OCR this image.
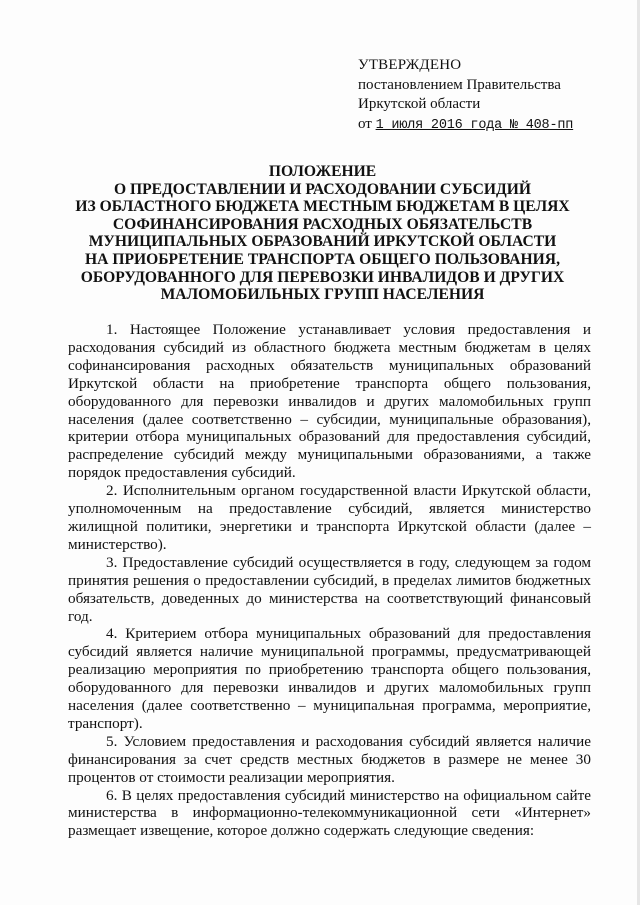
УТВЕРЖДЕНО
постановлением Правительства
Иркутской области
от 1 июля 2016 года № 408-пп
ПОЛОЖЕНИЕ
О ПРЕДОСТАВЛЕНИИ И РАСХОДОВАНИИ СУБСИДИЙ
ИЗ ОБЛАСТНОГО БЮДЖЕТА МЕСТНЫМ БЮДЖЕТАМ В ЦЕЛЯХ
СОФИНАНСИРОВАНИЯ РАСХОДНЫХ ОБЯЗАТЕЛЬСТВ
МУНИЦИПАЛЬНЫХ ОБРАЗОВАНИЙ ИРКУТСКОЙ ОБЛАСТИ
НА ПРИОБРЕТЕНИЕ ТРАНСПОРТА ОБЩЕГО ПОЛЬЗОВАНИЯ,
ОБОРУДОВАННОГО ДЛЯ ПЕРЕВОЗКИ ИНВАЛИДОВ И ДРУГИХ
МАЛОМОБИЛЬНЫХ ГРУПП НАСЕЛЕНИЯ

1. Настоящее Положение устанавливает условия предоставления и расходования субсидий из областного бюджета местным бюджетам в целях софинансирования расходных обязательств муниципальных образований Иркутской области на приобретение транспорта общего пользования, оборудованного для перевозки инвалидов и других маломобильных групп населения (далее соответственно – субсидии, муниципальные образования), критерии отбора муниципальных образований для предоставления субсидий, распределение субсидий между муниципальными образованиями, а также порядок предоставления субсидий.

2. Исполнительным органом государственной власти Иркутской области, уполномоченным на предоставление субсидий, является министерство жилищной политики, энергетики и транспорта Иркутской области (далее – министерство).

3. Предоставление субсидий осуществляется в году, следующем за годом принятия решения о предоставлении субсидий, в пределах лимитов бюджетных обязательств, доведенных до министерства на соответствующий финансовый год.

4. Критерием отбора муниципальных образований для предоставления субсидий является наличие муниципальной программы, предусматривающей реализацию мероприятия по приобретению транспорта общего пользования, оборудованного для перевозки инвалидов и других маломобильных групп населения (далее соответственно – муниципальная программа, мероприятие, транспорт).

5. Условием предоставления и расходования субсидий является наличие финансирования за счет средств местных бюджетов в размере не менее 30 процентов от стоимости реализации мероприятия.

6. В целях предоставления субсидий министерство на официальном сайте министерства в информационно-телекоммуникационной сети «Интернет» размещает извещение, которое должно содержать следующие сведения:
